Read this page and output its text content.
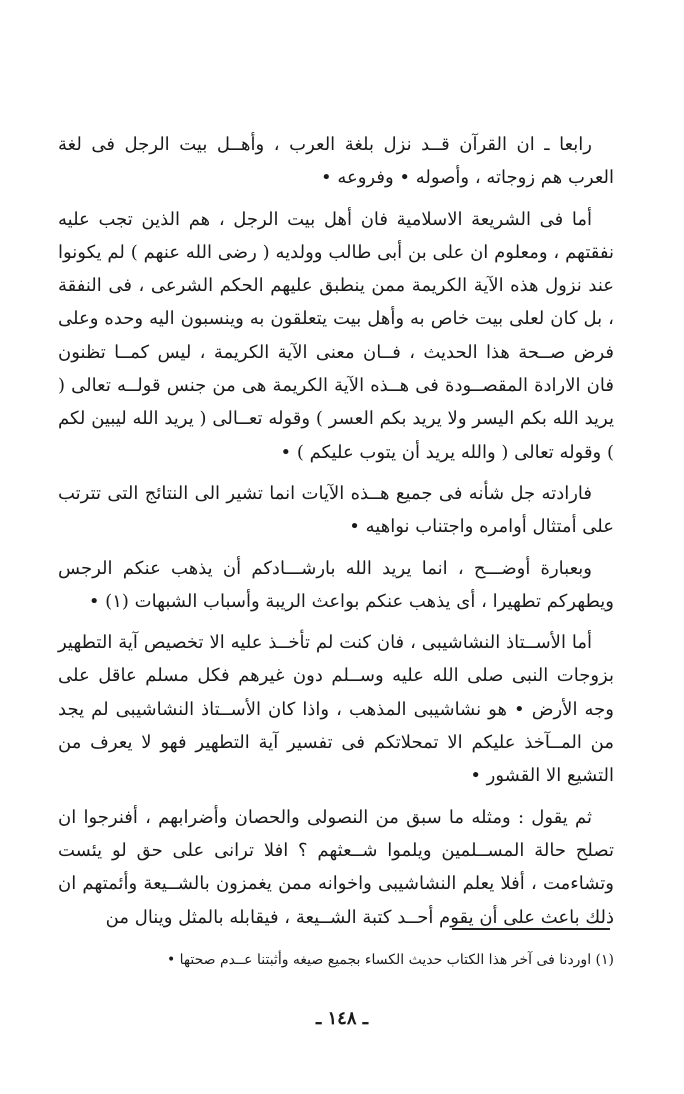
رابعا ـ ان القرآن قــد نزل بلغة العرب ، وأهــل بيت الرجل فى لغة العرب هم زوجاته ، وأصوله • وفروعه •

أما فى الشريعة الاسلامية فان أهل بيت الرجل ، هم الذين تجب عليه نفقتهم ، ومعلوم ان على بن أبى طالب وولديه ( رضى الله عنهم ) لم يكونوا عند نزول هذه الآية الكريمة ممن ينطبق عليهم الحكم الشرعى ، فى النفقة ، بل كان لعلى بيت خاص به وأهل بيت يتعلقون به وينسبون اليه وحده وعلى فرض صــحة هذا الحديث ، فــان معنى الآية الكريمة ، ليس كمــا تظنون فان الارادة المقصــودة فى هــذه الآية الكريمة هى من جنس قولــه تعالى ( يريد الله بكم اليسر ولا يريد بكم العسر ) وقوله تعــالى ( يريد الله ليبين لكم ) وقوله تعالى ( والله يريد أن يتوب عليكم ) •

فارادته جل شأنه فى جميع هــذه الآيات انما تشير الى النتائج التى تترتب على أمتثال أوامره واجتناب نواهيه •

وبعبارة أوضـــح ، انما يريد الله بارشـــادكم أن يذهب عنكم الرجس ويطهركم تطهيرا ، أى يذهب عنكم بواعث الريبة وأسباب الشبهات (١) •

أما الأســتاذ النشاشيبى ، فان كنت لم تأخــذ عليه الا تخصيص آية التطهير بزوجات النبى صلى الله عليه وســلم دون غيرهم فكل مسلم عاقل على وجه الأرض • هو نشاشيبى المذهب ، واذا كان الأســتاذ النشاشيبى لم يجد من المــآخذ عليكم الا تمحلاتكم فى تفسير آية التطهير فهو لا يعرف من التشيع الا القشور •

ثم يقول : ومثله ما سبق من النصولى والحصان وأضرابهم ، أفنرجوا ان تصلح حالة المســلمين ويلموا شــعثهم ؟ افلا ترانى على حق لو يئست وتشاءمت ، أفلا يعلم النشاشيبى واخوانه ممن يغمزون بالشــيعة وأئمتهم ان ذلك باعث على أن يقوم أحــد كتبة الشــيعة ، فيقابله بالمثل وينال من

(١) اوردنا فى آخر هذا الكتاب حديث الكساء بجميع صيغه وأثبتنا عــدم صحتها •

ـ ١٤٨ ـ
